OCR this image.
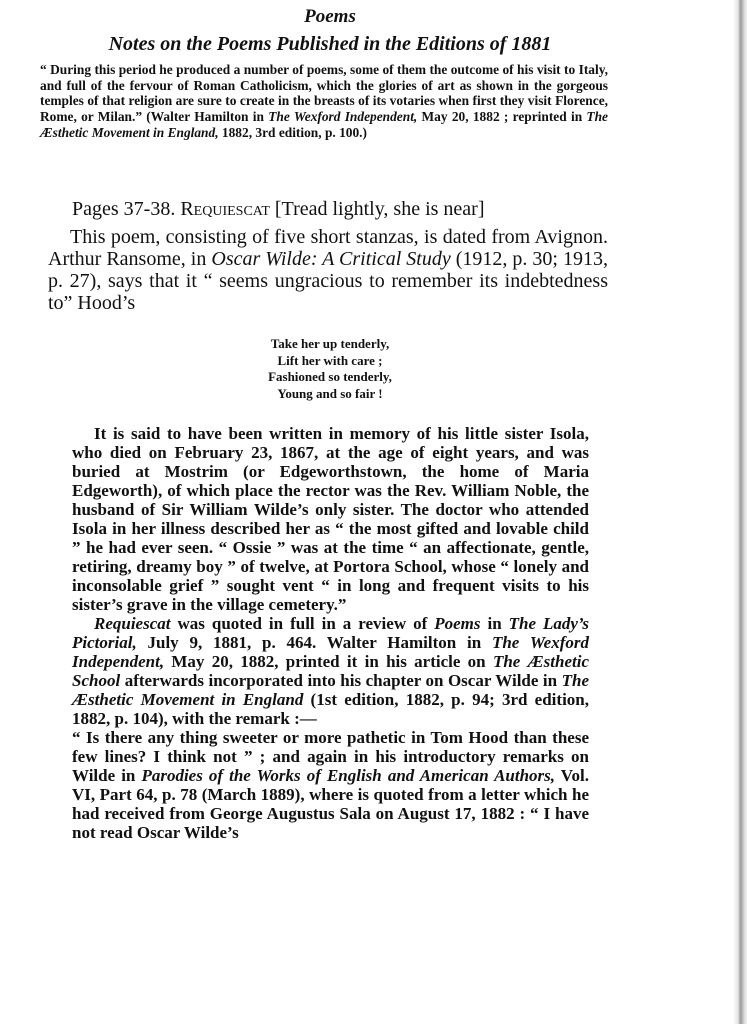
Poems
Notes on the Poems Published in the Editions of 1881

“ During this period he produced a number of poems, some of them the outcome of his visit to Italy, and full of the fervour of Roman Catholicism, which the glories of art as shown in the gorgeous temples of that religion are sure to create in the breasts of its votaries when first they visit Florence, Rome, or Milan.” (Walter Hamilton in The Wexford Independent, May 20, 1882 ; reprinted in The Æsthetic Movement in England, 1882, 3rd edition, p. 100.)

Pages 37-38. Requiescat [Tread lightly, she is near]

This poem, consisting of five short stanzas, is dated from Avignon. Arthur Ransome, in Oscar Wilde: A Critical Study (1912, p. 30; 1913, p. 27), says that it “ seems ungracious to remember its indebtedness to” Hood’s

Take her up tenderly,
Lift her with care ;
Fashioned so tenderly,
Young and so fair !

It is said to have been written in memory of his little sister Isola, who died on February 23, 1867, at the age of eight years, and was buried at Mostrim (or Edgeworthstown, the home of Maria Edgeworth), of which place the rector was the Rev. William Noble, the husband of Sir William Wilde’s only sister. The doctor who attended Isola in her illness described her as “ the most gifted and lovable child ” he had ever seen. “ Ossie ” was at the time “ an affectionate, gentle, retiring, dreamy boy ” of twelve, at Portora School, whose “ lonely and inconsolable grief ” sought vent “ in long and frequent visits to his sister’s grave in the village cemetery.”

Requiescat was quoted in full in a review of Poems in The Lady’s Pictorial, July 9, 1881, p. 464. Walter Hamilton in The Wexford Independent, May 20, 1882, printed it in his article on The Æsthetic School afterwards incorporated into his chapter on Oscar Wilde in The Æsthetic Movement in England (1st edition, 1882, p. 94; 3rd edition, 1882, p. 104), with the remark :—
“ Is there any thing sweeter or more pathetic in Tom Hood than these few lines? I think not ” ; and again in his introductory remarks on Wilde in Parodies of the Works of English and American Authors, Vol. VI, Part 64, p. 78 (March 1889), where is quoted from a letter which he had received from George Augustus Sala on August 17, 1882 : “ I have not read Oscar Wilde’s
